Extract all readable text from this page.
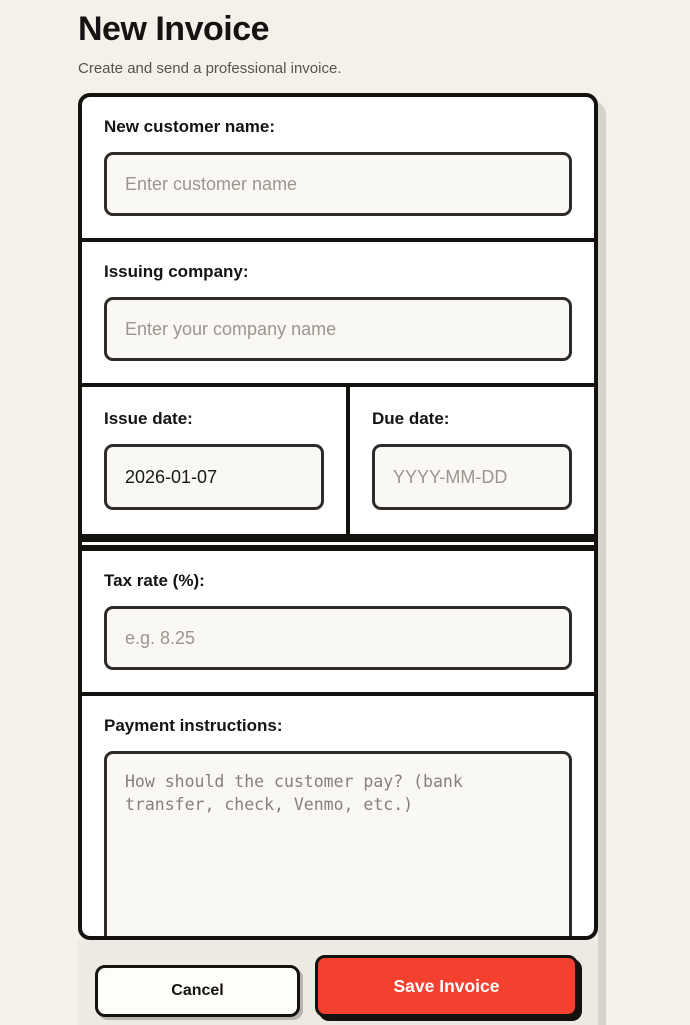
New Invoice

Create and send a professional invoice.

New customer name:
Enter customer name
Issuing company:
Enter your company name
Issue date:
2026-01-07	Due date:
YYYY-MM-DD
Tax rate (%):
e.g. 8.25
Payment instructions:
How should the customer pay? (bank transfer, check, Venmo, etc.)
Cancel	Save Invoice
